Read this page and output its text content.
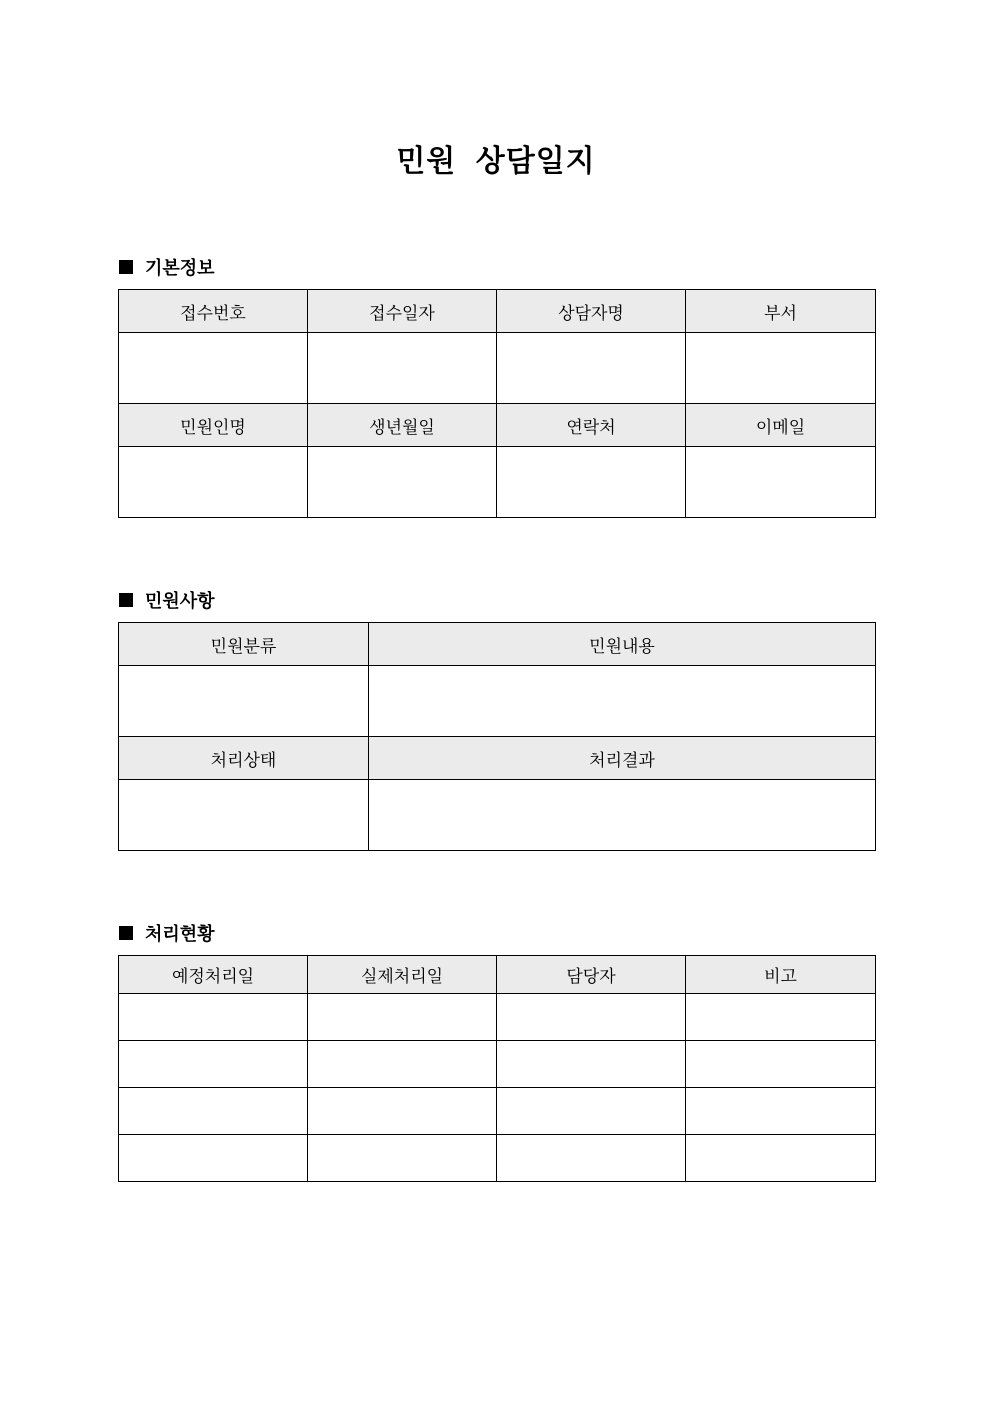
민원 상담일지
기본정보
접수번호	접수일자	상담자명	부서

민원인명	생년월일	연락처	이메일

민원사항
민원분류	민원내용

처리상태	처리결과

처리현황
예정처리일	실제처리일	담당자	비고
